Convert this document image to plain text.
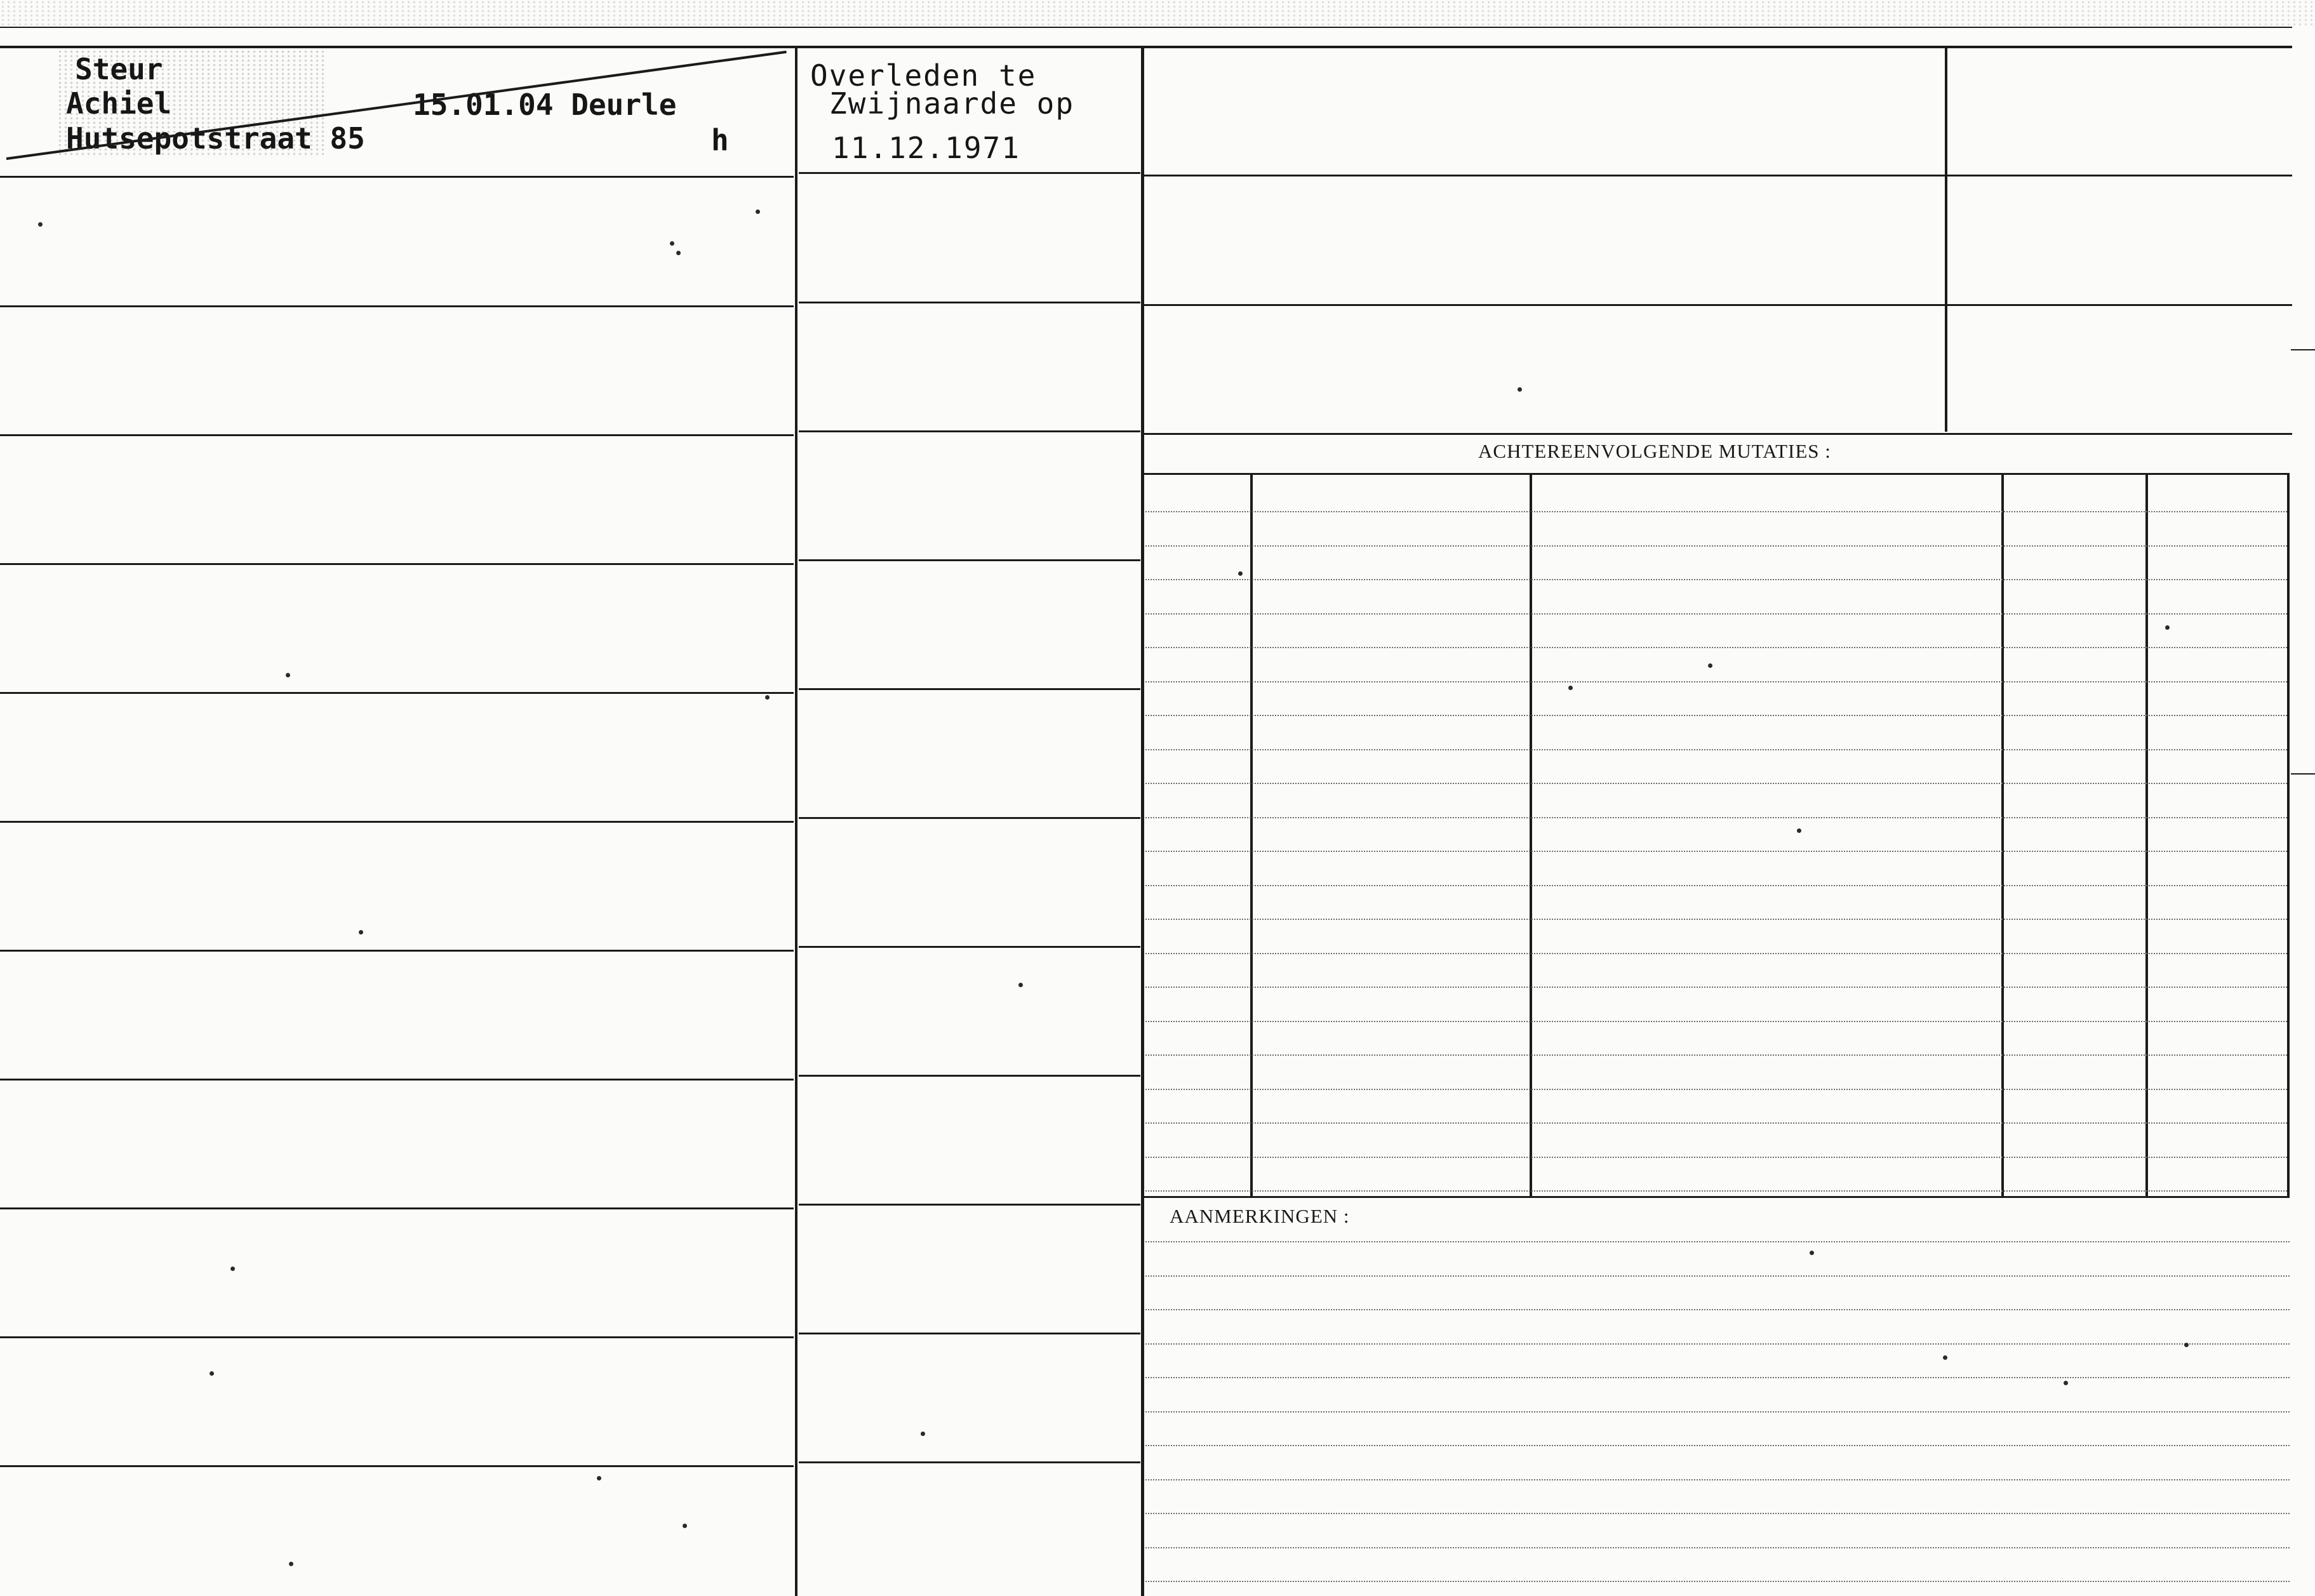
ACHTEREENVOLGENDE MUTATIES :
AANMERKINGEN :
Steur
Achiel
Hutsepotstraat 85
15.01.04 Deurle
h
Overleden te
Zwijnaarde op
11.12.1971
